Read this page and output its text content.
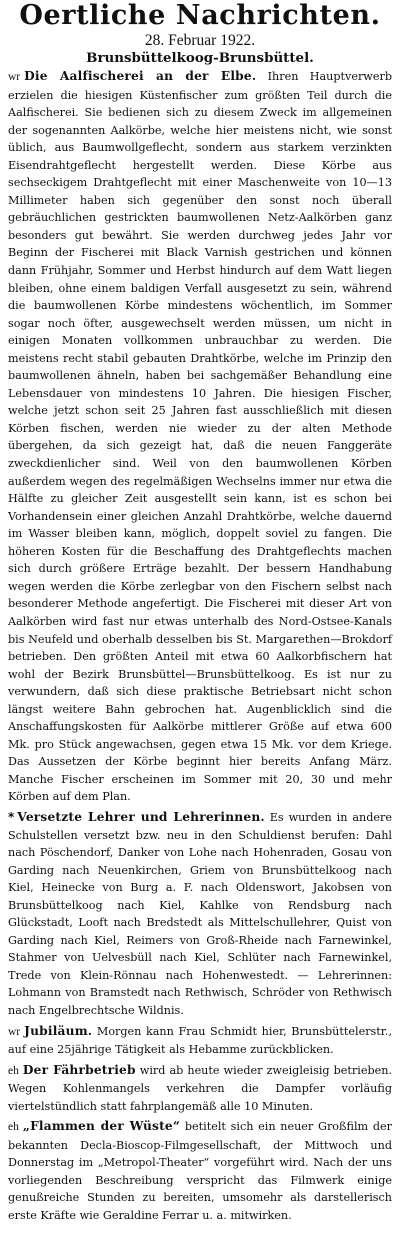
Oertliche Nachrichten.
28. Februar 1922.
Brunsbüttelkoog-Brunsbüttel.

wr Die Aalfischerei an der Elbe. Ihren Hauptverwerb erzielen die hiesigen Küstenfischer zum größten Teil durch die Aalfischerei. Sie bedienen sich zu diesem Zweck im allgemeinen der sogenannten Aalkörbe, welche hier meistens nicht, wie sonst üblich, aus Baumwollgeflecht, sondern aus starkem verzinkten Eisendrahtgeflecht hergestellt werden. Diese Körbe aus sechseckigem Drahtgeflecht mit einer Maschenweite von 10—13 Millimeter haben sich gegenüber den sonst noch überall gebräuchlichen gestrickten baumwollenen Netz-Aalkörben ganz besonders gut bewährt. Sie werden durchweg jedes Jahr vor Beginn der Fischerei mit Black Varnish gestrichen und können dann Frühjahr, Sommer und Herbst hindurch auf dem Watt liegen bleiben, ohne einem baldigen Verfall ausgesetzt zu sein, während die baumwollenen Körbe mindestens wöchentlich, im Sommer sogar noch öfter, ausgewechselt werden müssen, um nicht in einigen Monaten vollkommen unbrauchbar zu werden. Die meistens recht stabil gebauten Drahtkörbe, welche im Prinzip den baumwollenen ähneln, haben bei sachgemäßer Behandlung eine Lebensdauer von mindestens 10 Jahren. Die hiesigen Fischer, welche jetzt schon seit 25 Jahren fast ausschließlich mit diesen Körben fischen, werden nie wieder zu der alten Methode übergehen, da sich gezeigt hat, daß die neuen Fanggeräte zweckdienlicher sind. Weil von den baumwollenen Körben außerdem wegen des regelmäßigen Wechselns immer nur etwa die Hälfte zu gleicher Zeit ausgestellt sein kann, ist es schon bei Vorhandensein einer gleichen Anzahl Drahtkörbe, welche dauernd im Wasser bleiben kann, möglich, doppelt soviel zu fangen. Die höheren Kosten für die Beschaffung des Drahtgeflechts machen sich durch größere Erträge bezahlt. Der bessern Handhabung wegen werden die Körbe zerlegbar von den Fischern selbst nach besonderer Methode angefertigt. Die Fischerei mit dieser Art von Aalkörben wird fast nur etwas unterhalb des Nord-Ostsee-Kanals bis Neufeld und oberhalb desselben bis St. Margarethen—Brokdorf betrieben. Den größten Anteil mit etwa 60 Aalkorbfischern hat wohl der Bezirk Brunsbüttel—Brunsbüttelkoog. Es ist nur zu verwundern, daß sich diese praktische Betriebsart nicht schon längst weitere Bahn gebrochen hat. Augenblicklich sind die Anschaffungskosten für Aalkörbe mittlerer Größe auf etwa 600 Mk. pro Stück angewachsen, gegen etwa 15 Mk. vor dem Kriege. Das Aussetzen der Körbe beginnt hier bereits Anfang März. Manche Fischer erscheinen im Sommer mit 20, 30 und mehr Körben auf dem Plan.

* Versetzte Lehrer und Lehrerinnen. Es wurden in andere Schulstellen versetzt bzw. neu in den Schuldienst berufen: Dahl nach Pöschendorf, Danker von Lohe nach Hohenraden, Gosau von Garding nach Neuenkirchen, Griem von Brunsbüttelkoog nach Kiel, Heinecke von Burg a. F. nach Oldenswort, Jakobsen von Brunsbüttelkoog nach Kiel, Kahlke von Rendsburg nach Glückstadt, Looft nach Bredstedt als Mittelschullehrer, Quist von Garding nach Kiel, Reimers von Groß-Rheide nach Farnewinkel, Stahmer von Uelvesbüll nach Kiel, Schlüter nach Farnewinkel, Trede von Klein-Rönnau nach Hohenwestedt. — Lehrerinnen: Lohmann von Bramstedt nach Rethwisch, Schröder von Rethwisch nach Engelbrechtsche Wildnis.

wr Jubiläum. Morgen kann Frau Schmidt hier, Brunsbüttelerstr., auf eine 25jährige Tätigkeit als Hebamme zurückblicken.

eh Der Fährbetrieb wird ab heute wieder zweigleisig betrieben. Wegen Kohlenmangels verkehren die Dampfer vorläufig viertelstündlich statt fahrplangemäß alle 10 Minuten.

eh „Flammen der Wüste“ betitelt sich ein neuer Großfilm der bekannten Decla-Bioscop-Filmgesellschaft, der Mittwoch und Donnerstag im „Metropol-Theater“ vorgeführt wird. Nach der uns vorliegenden Beschreibung verspricht das Filmwerk einige genußreiche Stunden zu bereiten, umsomehr als darstellerisch erste Kräfte wie Geraldine Ferrar u. a. mitwirken.
